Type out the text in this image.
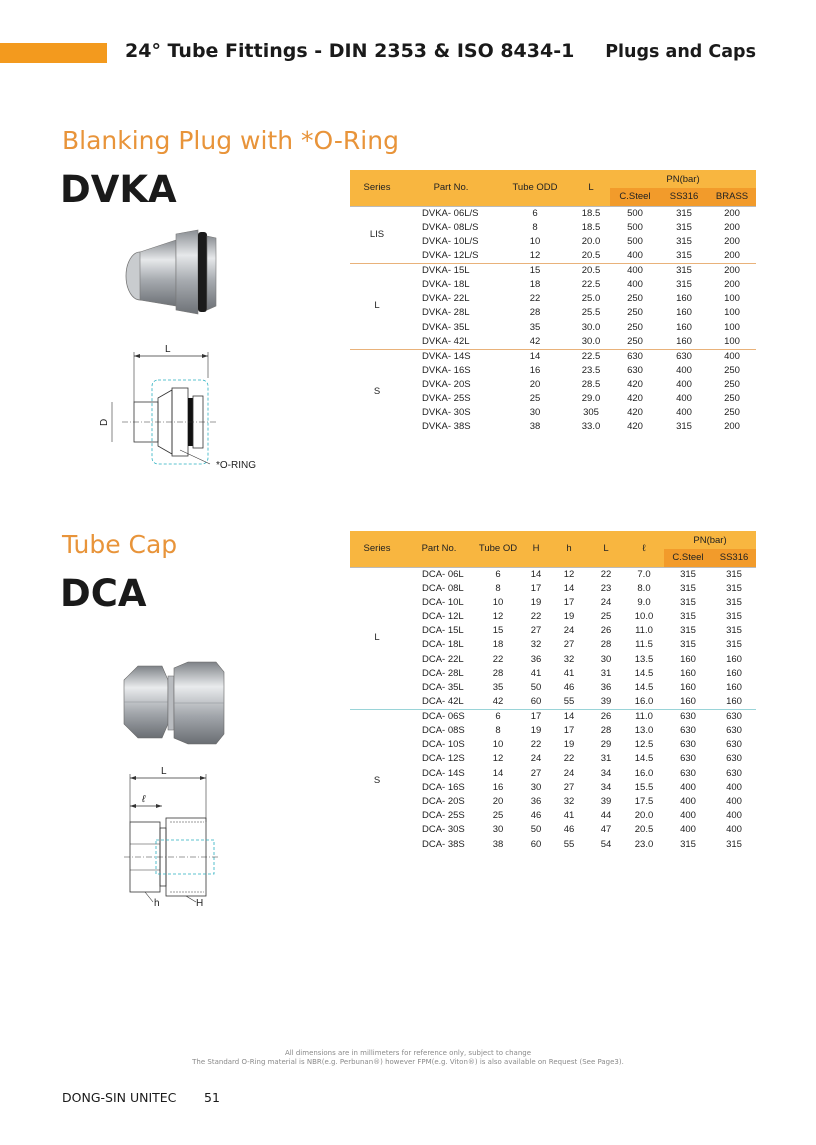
24° Tube Fittings - DIN 2353 & ISO 8434-1 Plugs and Caps
Blanking Plug with *O-Ring
DVKA
L
D
*O-RING
Series	Part No.	Tube ODD	L	PN(bar)		
				C.Steel	SS316	BRASS
LIS	DVKA- 06L/S	6	18.5	500	315	200
	DVKA- 08L/S	8	18.5	500	315	200
	DVKA- 10L/S	10	20.0	500	315	200
	DVKA- 12L/S	12	20.5	400	315	200
L	DVKA- 15L	15	20.5	400	315	200
	DVKA- 18L	18	22.5	400	315	200
	DVKA- 22L	22	25.0	250	160	100
	DVKA- 28L	28	25.5	250	160	100
	DVKA- 35L	35	30.0	250	160	100
	DVKA- 42L	42	30.0	250	160	100
S	DVKA- 14S	14	22.5	630	630	400
	DVKA- 16S	16	23.5	630	400	250
	DVKA- 20S	20	28.5	420	400	250
	DVKA- 25S	25	29.0	420	400	250
	DVKA- 30S	30	305	420	400	250
	DVKA- 38S	38	33.0	420	315	200
Tube Cap
DCA
L
ℓ
h	H
Series	Part No.	Tube OD	H	h	L	ℓ	PN(bar)	
							C.Steel	SS316
L	DCA- 06L	6	14	12	22	7.0	315	315
	DCA- 08L	8	17	14	23	8.0	315	315
	DCA- 10L	10	19	17	24	9.0	315	315
	DCA- 12L	12	22	19	25	10.0	315	315
	DCA- 15L	15	27	24	26	11.0	315	315
	DCA- 18L	18	32	27	28	11.5	315	315
	DCA- 22L	22	36	32	30	13.5	160	160
	DCA- 28L	28	41	41	31	14.5	160	160
	DCA- 35L	35	50	46	36	14.5	160	160
	DCA- 42L	42	60	55	39	16.0	160	160
S	DCA- 06S	6	17	14	26	11.0	630	630
	DCA- 08S	8	19	17	28	13.0	630	630
	DCA- 10S	10	22	19	29	12.5	630	630
	DCA- 12S	12	24	22	31	14.5	630	630
	DCA- 14S	14	27	24	34	16.0	630	630
	DCA- 16S	16	30	27	34	15.5	400	400
	DCA- 20S	20	36	32	39	17.5	400	400
	DCA- 25S	25	46	41	44	20.0	400	400
	DCA- 30S	30	50	46	47	20.5	400	400
	DCA- 38S	38	60	55	54	23.0	315	315
All dimensions are in millimeters for reference only, subject to change
The Standard O-Ring material is NBR(e.g. Perbunan®) however FPM(e.g. Viton®) is also available on Request (See Page3).
DONG-SIN UNITEC 51
